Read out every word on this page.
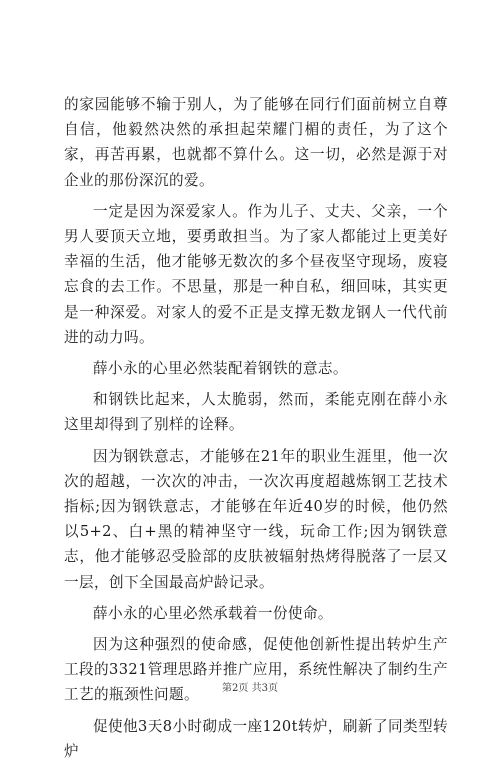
的家园能够不输于别人，为了能够在同行们面前树立自尊自信，他毅然决然的承担起荣耀门楣的责任，为了这个家，再苦再累，也就都不算什么。这一切，必然是源于对企业的那份深沉的爱。

一定是因为深爱家人。作为儿子、丈夫、父亲，一个男人要顶天立地，要勇敢担当。为了家人都能过上更美好幸福的生活，他才能够无数次的多个昼夜坚守现场，废寝忘食的去工作。不思量，那是一种自私，细回味，其实更是一种深爱。对家人的爱不正是支撑无数龙钢人一代代前进的动力吗。

薛小永的心里必然装配着钢铁的意志。

和钢铁比起来，人太脆弱，然而，柔能克刚在薛小永这里却得到了别样的诠释。

因为钢铁意志，才能够在21年的职业生涯里，他一次次的超越，一次次的冲击，一次次再度超越炼钢工艺技术指标;因为钢铁意志，才能够在年近40岁的时候，他仍然以5+2、白+黑的精神坚守一线，玩命工作;因为钢铁意志，他才能够忍受脸部的皮肤被辐射热烤得脱落了一层又一层，创下全国最高炉龄记录。

薛小永的心里必然承载着一份使命。

因为这种强烈的使命感，促使他创新性提出转炉生产工段的3321管理思路并推广应用，系统性解决了制约生产工艺的瓶颈性问题。

促使他3天8小时砌成一座120t转炉，刷新了同类型转炉

第2页 共3页
